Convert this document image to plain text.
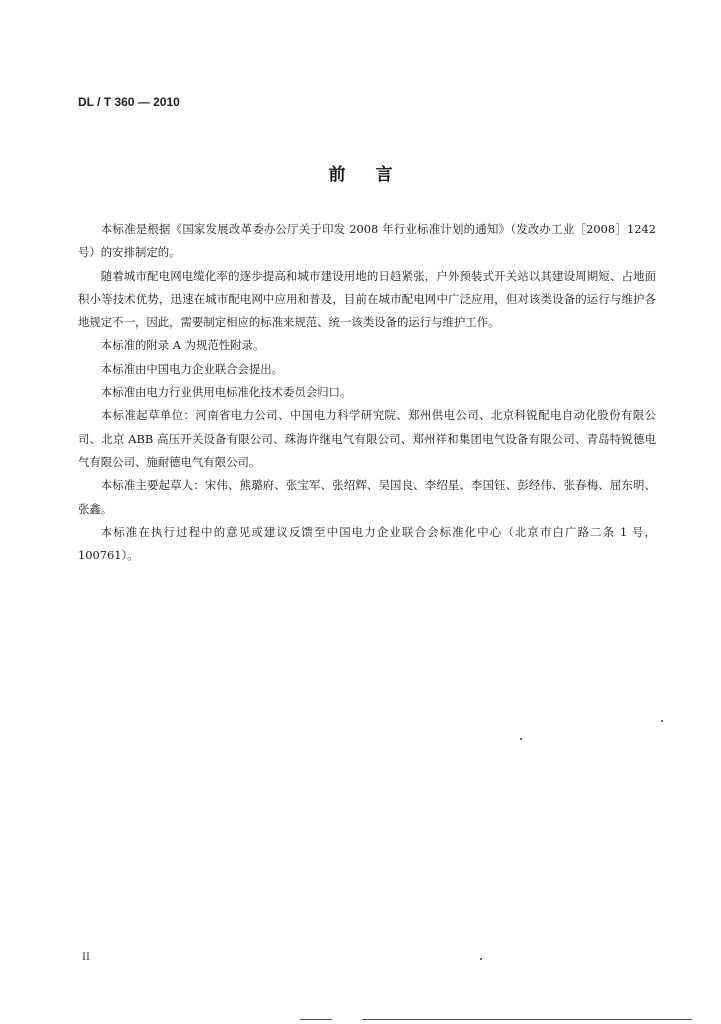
DL / T 360 — 2010
前言

本标准是根据《国家发展改革委办公厅关于印发 2008 年行业标准计划的通知》（发改办工业［2008］1242 号）的安排制定的。

随着城市配电网电缆化率的逐步提高和城市建设用地的日趋紧张，户外预装式开关站以其建设周期短、占地面积小等技术优势，迅速在城市配电网中应用和普及，目前在城市配电网中广泛应用，但对该类设备的运行与维护各地规定不一，因此，需要制定相应的标准来规范、统一该类设备的运行与维护工作。

本标准的附录 A 为规范性附录。

本标准由中国电力企业联合会提出。

本标准由电力行业供用电标准化技术委员会归口。

本标准起草单位：河南省电力公司、中国电力科学研究院、郑州供电公司、北京科锐配电自动化股份有限公司、北京 ABB 高压开关设备有限公司、珠海许继电气有限公司、郑州祥和集团电气设备有限公司、青岛特锐德电气有限公司、施耐德电气有限公司。

本标准主要起草人：宋伟、熊璐府、张宝军、张绍辉、吴国良、李绍星、李国钰、彭经伟、张春梅、屈东明、张鑫。

本标准在执行过程中的意见或建议反馈至中国电力企业联合会标准化中心（北京市白广路二条 1 号，100761）。

II
